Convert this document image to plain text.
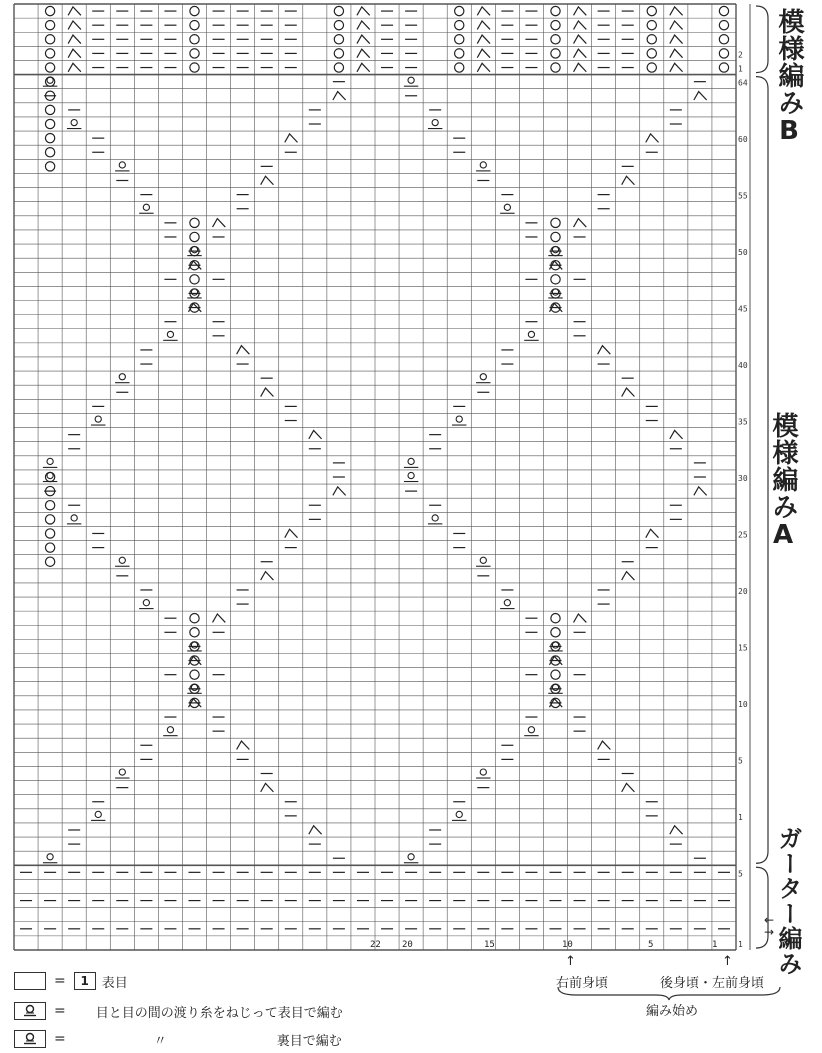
2
1
64
60
55
50
45
40
35
30
25
20
15
10
5
1
5
1
模様編みB
模様編みA
ガーター編み
22 20	15	10	5	1
↑	↑
←
→
右前身頃	後身頃・左前身頃
編み始め
=	1 表目
= 目と目の間の渡り糸をねじって表目で編む
=	〃	裏目で編む
